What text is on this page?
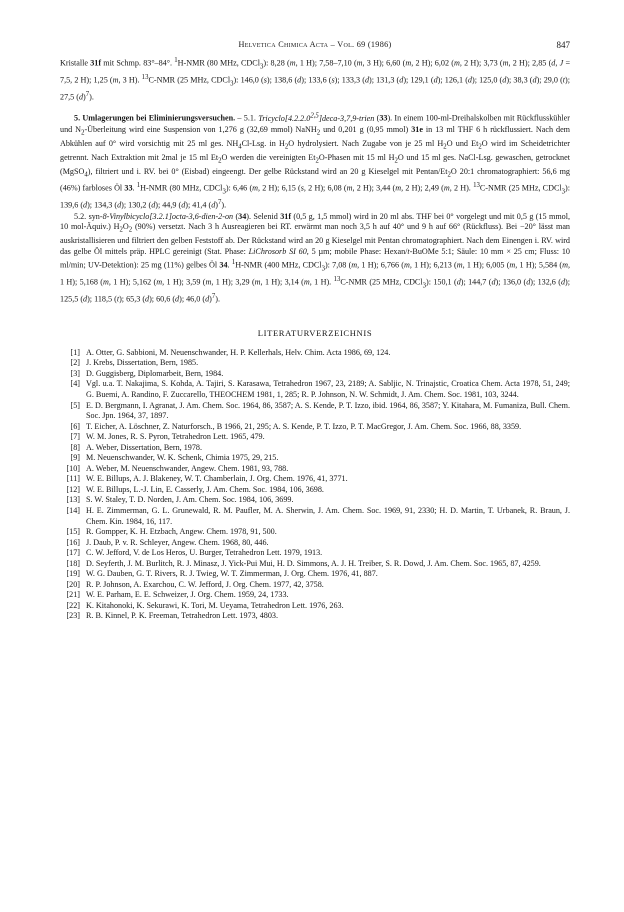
Helvetica Chimica Acta – Vol. 69 (1986)	847

Kristalle 31f mit Schmp. 83°–84°. $^1$H-NMR (80 MHz, CDCl$_3$): 8,28 (m, 1 H); 7,58–7,10 (m, 3 H); 6,60 (m, 2 H); 6,02 (m, 2 H); 3,73 (m, 2 H); 2,85 (d, J = 7,5, 2 H); 1,25 (m, 3 H). $^{13}$C-NMR (25 MHz, CDCl$_3$): 146,0 (s); 138,6 (d); 133,6 (s); 133,3 (d); 131,3 (d); 129,1 (d); 126,1 (d); 125,0 (d); 38,3 (d); 29,0 (t); 27,5 $(d)^7$).

5. Umlagerungen bei Eliminierungsversuchen. – 5.1. Tricyclo[4.2.2.0$^{2,5}$]deca-3,7,9-trien (33). In einem 100-ml-Dreihalskolben mit Rückflusskühler und $N_2$-Überleitung wird eine Suspension von 1,276 g (32,69 mmol) NaNH$_2$ und 0,201 g (0,95 mmol) 31e in 13 ml THF 6 h rückflussiert. Nach dem Abkühlen auf 0° wird vorsichtig mit 25 ml ges. $NH_4Cl$-Lsg. in $H_2O$ hydrolysiert. Nach Zugabe von je 25 ml $H_2O$ und $Et_2O$ wird im Scheidetrichter getrennt. Nach Extraktion mit 2mal je 15 ml $Et_2O$ werden die vereinigten $Et_2O$-Phasen mit 15 ml $H_2O$ und 15 ml ges. NaCl-Lsg. gewaschen, getrocknet (MgSO$_4$), filtriert und i. RV. bei 0° (Eisbad) eingeengt. Der gelbe Rückstand wird an 20 g Kieselgel mit Pentan/$Et_2O$ 20:1 chromatographiert: 56,6 mg (46%) farbloses Öl 33. $^1$H-NMR (80 MHz, CDCl$_3$): 6,46 (m, 2 H); 6,15 (s, 2 H); 6,08 (m, 2 H); 3,44 (m, 2 H); 2,49 (m, 2 H). $^{13}$C-NMR (25 MHz, CDCl$_3$): 139,6 (d); 134,3 (d); 130,2 (d); 44,9 (d); 41,4 $(d)^7$).

5.2. syn-8-Vinylbicyclo[3.2.1]octa-3,6-dien-2-on (34). Selenid 31f (0,5 g, 1,5 mmol) wird in 20 ml abs. THF bei 0° vorgelegt und mit 0,5 g (15 mmol, 10 mol-Äquiv.) $H_2O_2$ (90%) versetzt. Nach 3 h Ausreagieren bei RT. erwärmt man noch 3,5 h auf 40° und 9 h auf 66° (Rückfluss). Bei −20° lässt man auskristallisieren und filtriert den gelben Feststoff ab. Der Rückstand wird an 20 g Kieselgel mit Pentan chromatographiert. Nach dem Einengen i. RV. wird das gelbe Öl mittels präp. HPLC gereinigt (Stat. Phase: LiChrosorb SI 60, 5 µm; mobile Phase: Hexan/t-BuOMe 5:1; Säule: 10 mm × 25 cm; Fluss: 10 ml/min; UV-Detektion): 25 mg (11%) gelbes Öl 34. $^1$H-NMR (400 MHz, CDCl$_3$): 7,08 (m, 1 H); 6,766 (m, 1 H); 6,213 (m, 1 H); 6,005 (m, 1 H); 5,584 (m, 1 H); 5,168 (m, 1 H); 5,162 (m, 1 H); 3,59 (m, 1 H); 3,29 (m, 1 H); 3,14 (m, 1 H). $^{13}$C-NMR (25 MHz, CDCl$_3$): 150,1 (d); 144,7 (d); 136,0 (d); 132,6 (d); 125,5 (d); 118,5 (t); 65,3 (d); 60,6 (d); 46,0 $(d)^7$).

LITERATURVERZEICHNIS
[1] A. Otter, G. Sabbioni, M. Neuenschwander, H. P. Kellerhals, Helv. Chim. Acta 1986, 69, 124.
[2] J. Krebs, Dissertation, Bern, 1985.
[3] D. Guggisberg, Diplomarbeit, Bern, 1984.
[4] Vgl. u.a. T. Nakajima, S. Kohda, A. Tajiri, S. Karasawa, Tetrahedron 1967, 23, 2189; A. Sabljic, N. Trinajstic, Croatica Chem. Acta 1978, 51, 249; G. Buemi, A. Randino, F. Zuccarello, THEOCHEM 1981, 1, 285; R. P. Johnson, N. W. Schmidt, J. Am. Chem. Soc. 1981, 103, 3244.
[5] E. D. Bergmann, I. Agranat, J. Am. Chem. Soc. 1964, 86, 3587; A. S. Kende, P. T. Izzo, ibid. 1964, 86, 3587; Y. Kitahara, M. Fumaniza, Bull. Chem. Soc. Jpn. 1964, 37, 1897.
[6] T. Eicher, A. Löschner, Z. Naturforsch., B 1966, 21, 295; A. S. Kende, P. T. Izzo, P. T. MacGregor, J. Am. Chem. Soc. 1966, 88, 3359.
[7] W. M. Jones, R. S. Pyron, Tetrahedron Lett. 1965, 479.
[8] A. Weber, Dissertation, Bern, 1978.
[9] M. Neuenschwander, W. K. Schenk, Chimia 1975, 29, 215.
[10] A. Weber, M. Neuenschwander, Angew. Chem. 1981, 93, 788.
[11] W. E. Billups, A. J. Blakeney, W. T. Chamberlain, J. Org. Chem. 1976, 41, 3771.
[12] W. E. Billups, L.-J. Lin, E. Casserly, J. Am. Chem. Soc. 1984, 106, 3698.
[13] S. W. Staley, T. D. Norden, J. Am. Chem. Soc. 1984, 106, 3699.
[14] H. E. Zimmerman, G. L. Grunewald, R. M. Paufler, M. A. Sherwin, J. Am. Chem. Soc. 1969, 91, 2330; H. D. Martin, T. Urbanek, R. Braun, J. Chem. Kin. 1984, 16, 117.
[15] R. Gompper, K. H. Etzbach, Angew. Chem. 1978, 91, 500.
[16] J. Daub, P. v. R. Schleyer, Angew. Chem. 1968, 80, 446.
[17] C. W. Jefford, V. de Los Heros, U. Burger, Tetrahedron Lett. 1979, 1913.
[18] D. Seyferth, J. M. Burlitch, R. J. Minasz, J. Yick-Pui Mui, H. D. Simmons, A. J. H. Treiber, S. R. Dowd, J. Am. Chem. Soc. 1965, 87, 4259.
[19] W. G. Dauben, G. T. Rivers, R. J. Twieg, W. T. Zimmerman, J. Org. Chem. 1976, 41, 887.
[20] R. P. Johnson, A. Exarchou, C. W. Jefford, J. Org. Chem. 1977, 42, 3758.
[21] W. E. Parham, E. E. Schweizer, J. Org. Chem. 1959, 24, 1733.
[22] K. Kitahonoki, K. Sekurawi, K. Tori, M. Ueyama, Tetrahedron Lett. 1976, 263.
[23] R. B. Kinnel, P. K. Freeman, Tetrahedron Lett. 1973, 4803.
